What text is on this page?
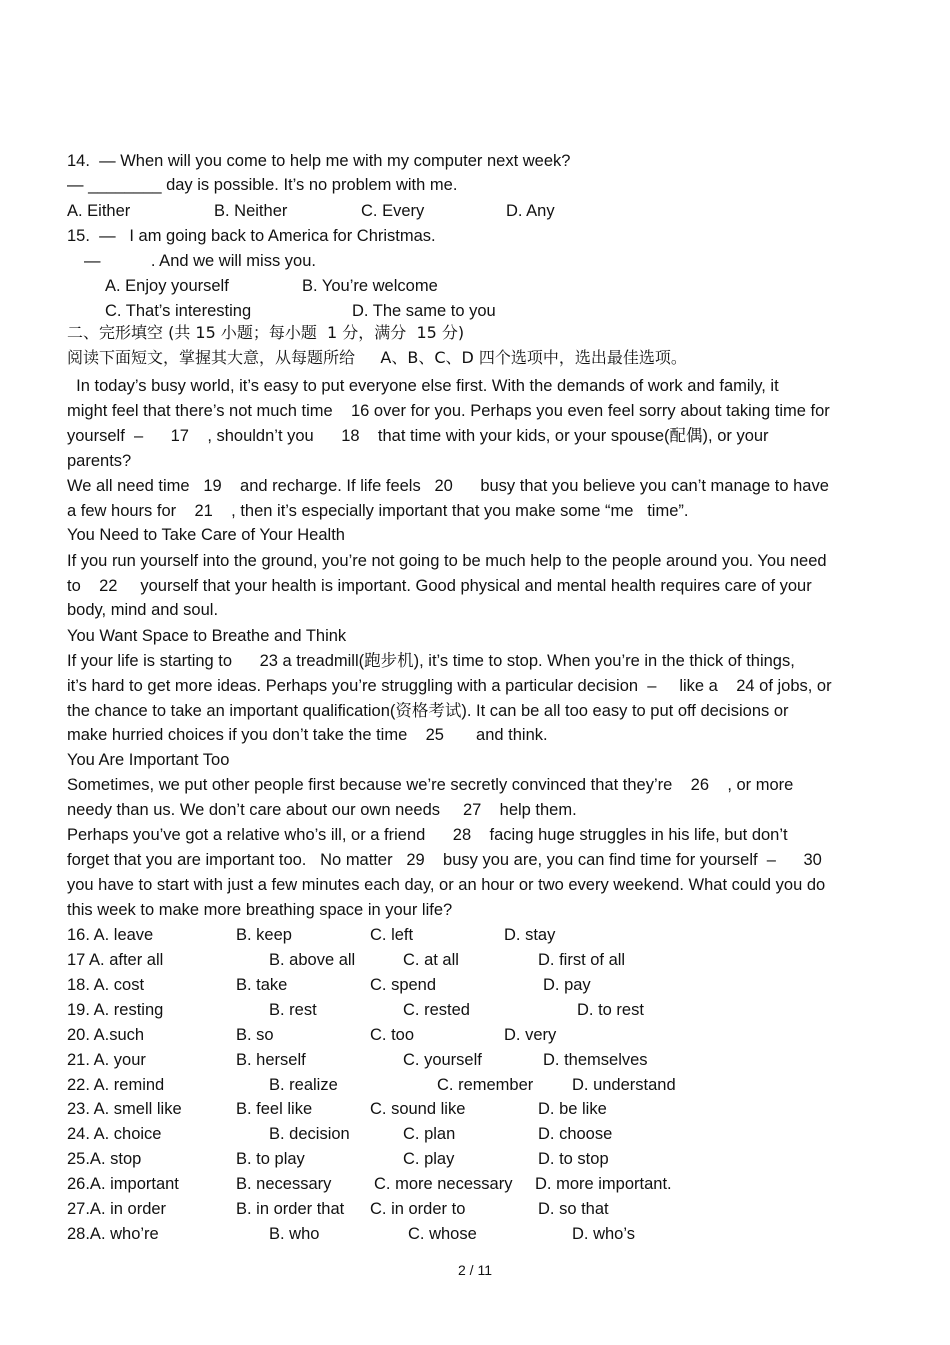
14.  — When will you come to help me with my computer next week?
— ________ day is possible. It’s no problem with me.
A. Either	B. Neither	C. Every	D. Any
15.  —   I am going back to America for Christmas.
—           . And we will miss you.
A. Enjoy yourself	B. You’re welcome
C. That’s interesting	D. The same to you
二、完形填空 (共 15 小题；每小题  1 分，满分  15 分)
阅读下面短文，掌握其大意，从每题所给     A、B、C、D 四个选项中，选出最佳选项。
In today’s busy world, it’s easy to put everyone else first. With the demands of work and family, it
might feel that there’s not much time    16 over for you. Perhaps you even feel sorry about taking time for
yourself  –      17    , shouldn’t you      18    that time with your kids, or your spouse(配偶), or your
parents?
We all need time   19    and recharge. If life feels   20      busy that you believe you can’t manage to have
a few hours for    21    , then it’s especially important that you make some “me   time”.
You Need to Take Care of Your Health
If you run yourself into the ground, you’re not going to be much help to the people around you. You need
to    22     yourself that your health is important. Good physical and mental health requires care of your
body, mind and soul.
You Want Space to Breathe and Think
If your life is starting to      23 a treadmill(跑步机), it’s time to stop. When you’re in the thick of things,
it’s hard to get more ideas. Perhaps you’re struggling with a particular decision  –     like a    24 of jobs, or
the chance to take an important qualification(资格考试). It can be all too easy to put off decisions or
make hurried choices if you don’t take the time    25       and think.
You Are Important Too
Sometimes, we put other people first because we’re secretly convinced that they’re    26    , or more
needy than us. We don’t care about our own needs     27    help them.
Perhaps you’ve got a relative who’s ill, or a friend      28    facing huge struggles in his life, but don’t
forget that you are important too.   No matter   29    busy you are, you can find time for yourself  –      30
you have to start with just a few minutes each day, or an hour or two every weekend. What could you do
this week to make more breathing space in your life?
16. A. leave	B. keep	C. left	D. stay
17 A. after all	B. above all	C. at all	D. first of all
18. A. cost	B. take	C. spend	D. pay
19. A. resting	B. rest	C. rested	D. to rest
20. A.such	B. so	C. too	D. very
21. A. your	B. herself	C. yourself	D. themselves
22. A. remind	B. realize	C. remember D. understand
23. A. smell like	B. feel like	C. sound like	D. be like
24. A. choice	B. decision	C. plan	D. choose
25.A. stop	B. to play	C. play	D. to stop
26.A. important	B. necessary	C. more necessary D. more important.
27.A. in order	B. in order that C. in order to	D. so that
28.A. who’re	B. who	C. whose	D. who’s
2 / 11
